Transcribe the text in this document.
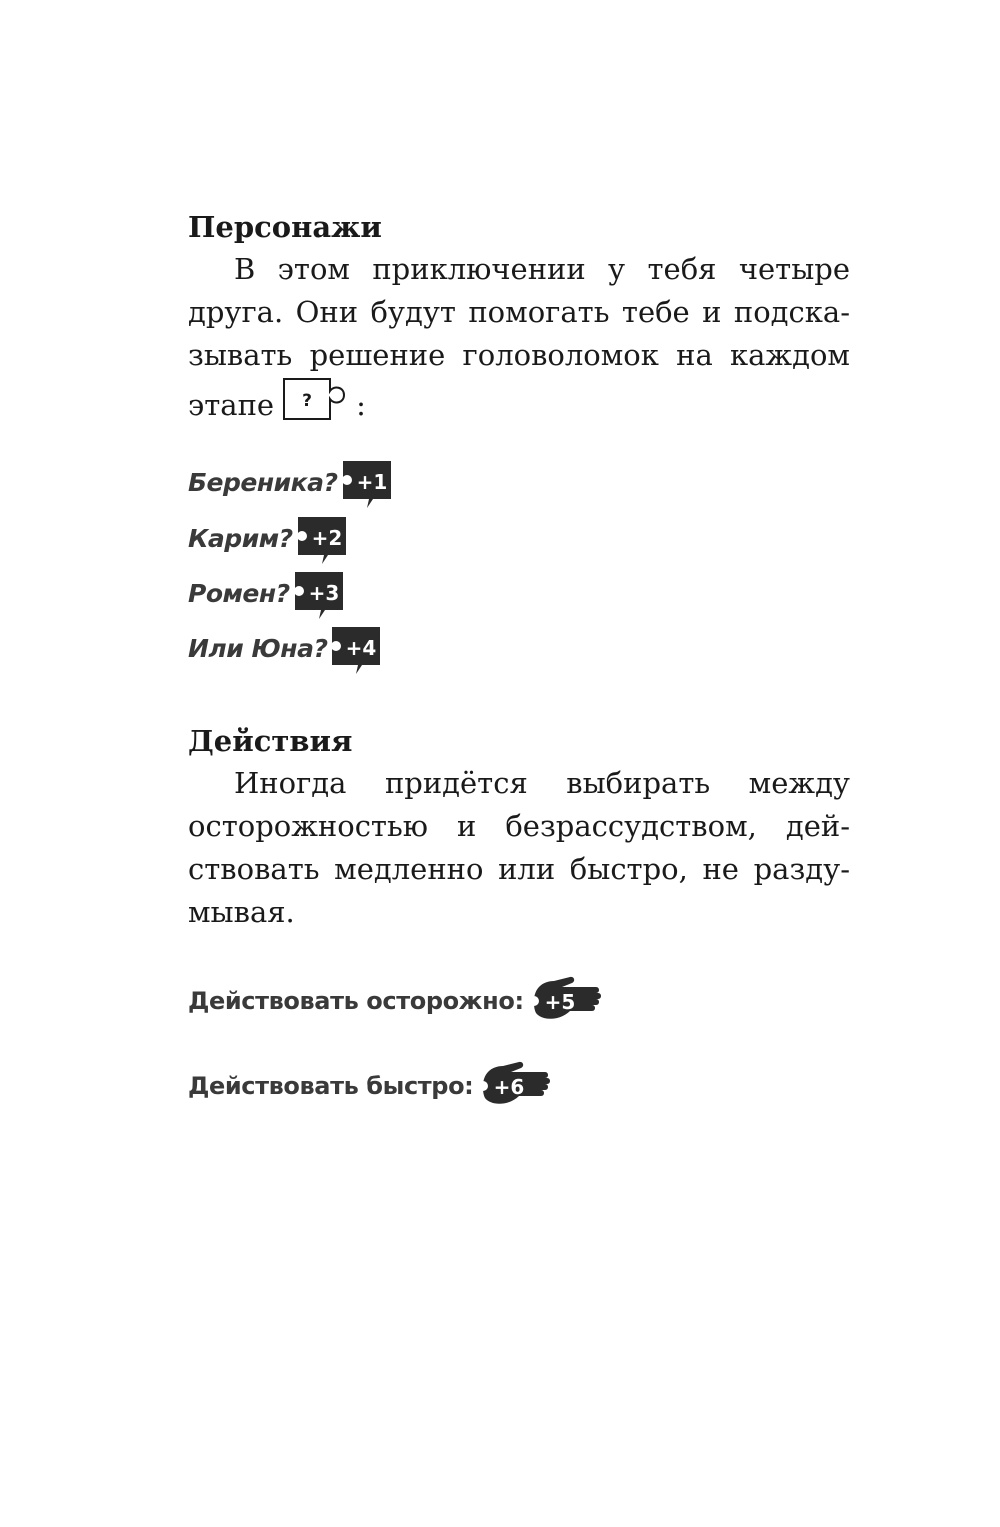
Персонажи
В этом приключении у тебя четыре
друга. Они будут помогать тебе и подска-
зывать решение головоломок на каждом
этапе ? :
Береника? +1
Карим? +2
Ромен? +3
Или Юна? +4
Действия
Иногда придётся выбирать между
осторожностью и безрассудством, дей-
ствовать медленно или быстро, не разду-
мывая.
Действовать осторожно: +5
Действовать быстро: +6
